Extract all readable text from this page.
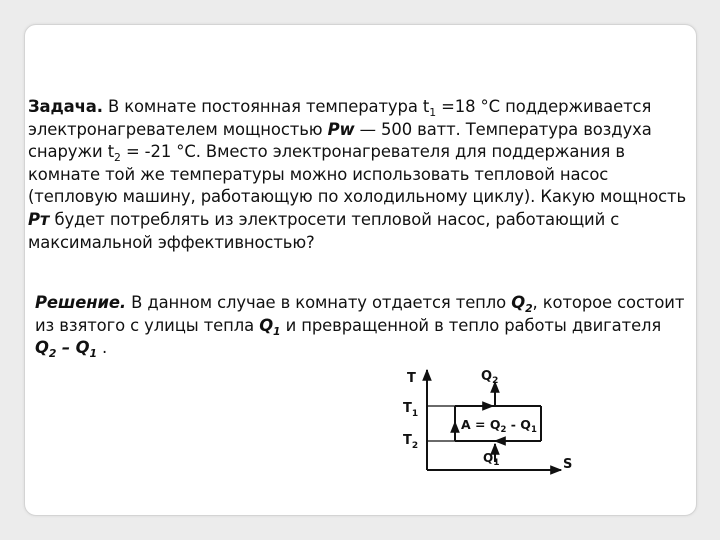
Задача. В комнате постоянная температура $t_1 =18$ °С поддерживается электронагревателем мощностью Pw — 500 ватт. Температура воздуха снаружи $t_2 = -21$ °С. Вместо электронагревателя для поддержания в комнате той же температуры можно использовать тепловой насос (тепловую машину, работающую по холодильному циклу). Какую мощность Pт будет потреблять из электросети тепловой насос, работающий с максимальной эффективностью?

Решение. В данном случае в комнату отдается тепло $Q_2$, которое состоит из взятого с улицы тепла $Q_1$ и превращенной в тепло работы двигателя $Q_2 - Q_1$ .

T
S
$T_1$
$T_2$
$Q_2$
$Q_1$
$A = Q_2 - Q_1$
